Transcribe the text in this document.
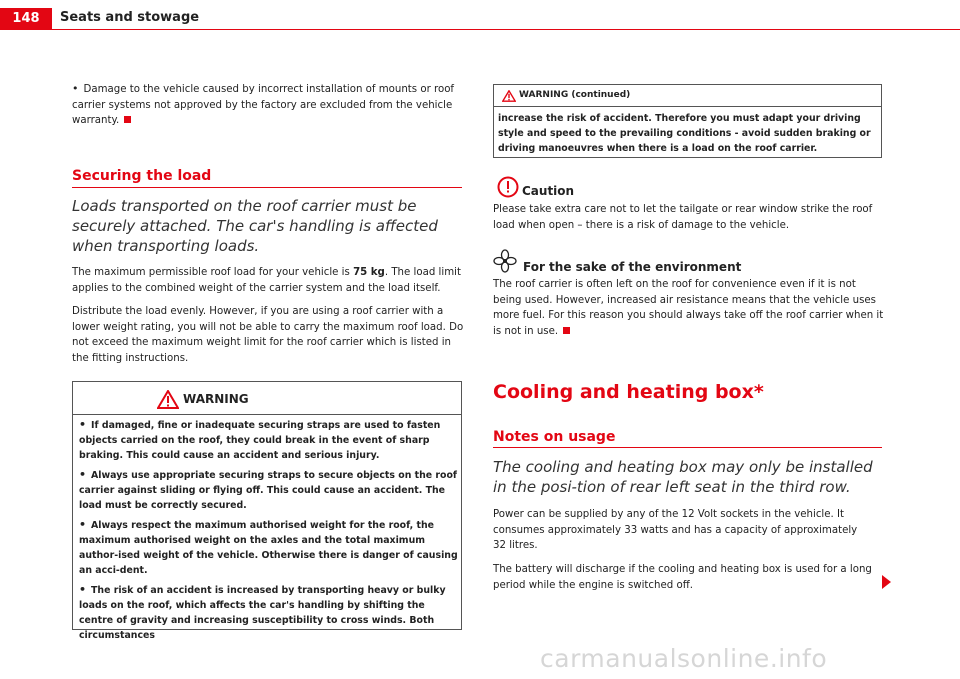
148	Seats and stowage
• Damage to the vehicle caused by incorrect installation of mounts or roof carrier systems not approved by the factory are excluded from the vehicle warranty.
Securing the load
Loads transported on the roof carrier must be securely attached. The car's handling is affected when transporting loads.
The maximum permissible roof load for your vehicle is 75 kg. The load limit applies to the combined weight of the carrier system and the load itself.
Distribute the load evenly. However, if you are using a roof carrier with a lower weight rating, you will not be able to carry the maximum roof load. Do not exceed the maximum weight limit for the roof carrier which is listed in the fitting instructions.
WARNING
• If damaged, fine or inadequate securing straps are used to fasten objects carried on the roof, they could break in the event of sharp braking. This could cause an accident and serious injury.
• Always use appropriate securing straps to secure objects on the roof carrier against sliding or flying off. This could cause an accident. The load must be correctly secured.
• Always respect the maximum authorised weight for the roof, the maximum authorised weight on the axles and the total maximum author-ised weight of the vehicle. Otherwise there is danger of causing an acci-dent.
• The risk of an accident is increased by transporting heavy or bulky loads on the roof, which affects the car's handling by shifting the centre of gravity and increasing susceptibility to cross winds. Both circumstances
WARNING (continued)
increase the risk of accident. Therefore you must adapt your driving style and speed to the prevailing conditions - avoid sudden braking or driving manoeuvres when there is a load on the roof carrier.
Caution
Please take extra care not to let the tailgate or rear window strike the roof load when open – there is a risk of damage to the vehicle.
For the sake of the environment
The roof carrier is often left on the roof for convenience even if it is not being used. However, increased air resistance means that the vehicle uses more fuel. For this reason you should always take off the roof carrier when it is not in use.
Cooling and heating box*
Notes on usage
The cooling and heating box may only be installed in the posi-tion of rear left seat in the third row.
Power can be supplied by any of the 12 Volt sockets in the vehicle. It consumes approximately 33 watts and has a capacity of approximately 32 litres.
The battery will discharge if the cooling and heating box is used for a long period while the engine is switched off.
carmanualsonline.info
